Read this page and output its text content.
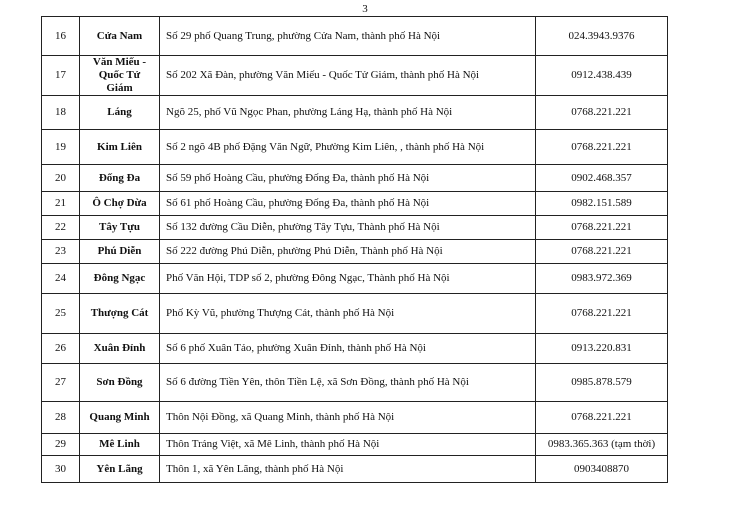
3
16	Cửa Nam	Số 29 phố Quang Trung, phường Cửa Nam, thành phố Hà Nội	024.3943.9376
17	Văn Miếu - Quốc Tử Giám	Số 202 Xã Đàn, phường Văn Miếu - Quốc Tử Giám, thành phố Hà Nội	0912.438.439
18	Láng	Ngõ 25, phố Vũ Ngọc Phan, phường Láng Hạ, thành phố Hà Nội	0768.221.221
19	Kim Liên	Số 2 ngõ 4B phố Đặng Văn Ngữ, Phường Kim Liên, , thành phố Hà Nội	0768.221.221
20	Đống Đa	Số 59 phố Hoàng Cầu, phường Đống Đa, thành phố Hà Nội	0902.468.357
21	Ô Chợ Dừa	Số 61 phố Hoàng Cầu, phường Đống Đa, thành phố Hà Nội	0982.151.589
22	Tây Tựu	Số 132 đường Cầu Diễn, phường Tây Tựu, Thành phố Hà Nội	0768.221.221
23	Phú Diễn	Số 222 đường Phú Diễn, phường Phú Diễn, Thành phố Hà Nội	0768.221.221
24	Đông Ngạc	Phố Văn Hội, TDP số 2, phường Đông Ngạc, Thành phố Hà Nội	0983.972.369
25	Thượng Cát	Phố Kỳ Vũ, phường Thượng Cát, thành phố Hà Nội	0768.221.221
26	Xuân Đỉnh	Số 6 phố Xuân Tảo, phường Xuân Đỉnh, thành phố Hà Nội	0913.220.831
27	Sơn Đồng	Số 6 đường Tiền Yên, thôn Tiền Lệ, xã Sơn Đồng, thành phố Hà Nội	0985.878.579
28	Quang Minh	Thôn Nội Đồng, xã Quang Minh, thành phố Hà Nội	0768.221.221
29	Mê Linh	Thôn Tráng Việt, xã Mê Linh, thành phố Hà Nội	0983.365.363 (tạm thời)
30	Yên Lãng	Thôn 1, xã Yên Lãng, thành phố Hà Nội	0903408870
